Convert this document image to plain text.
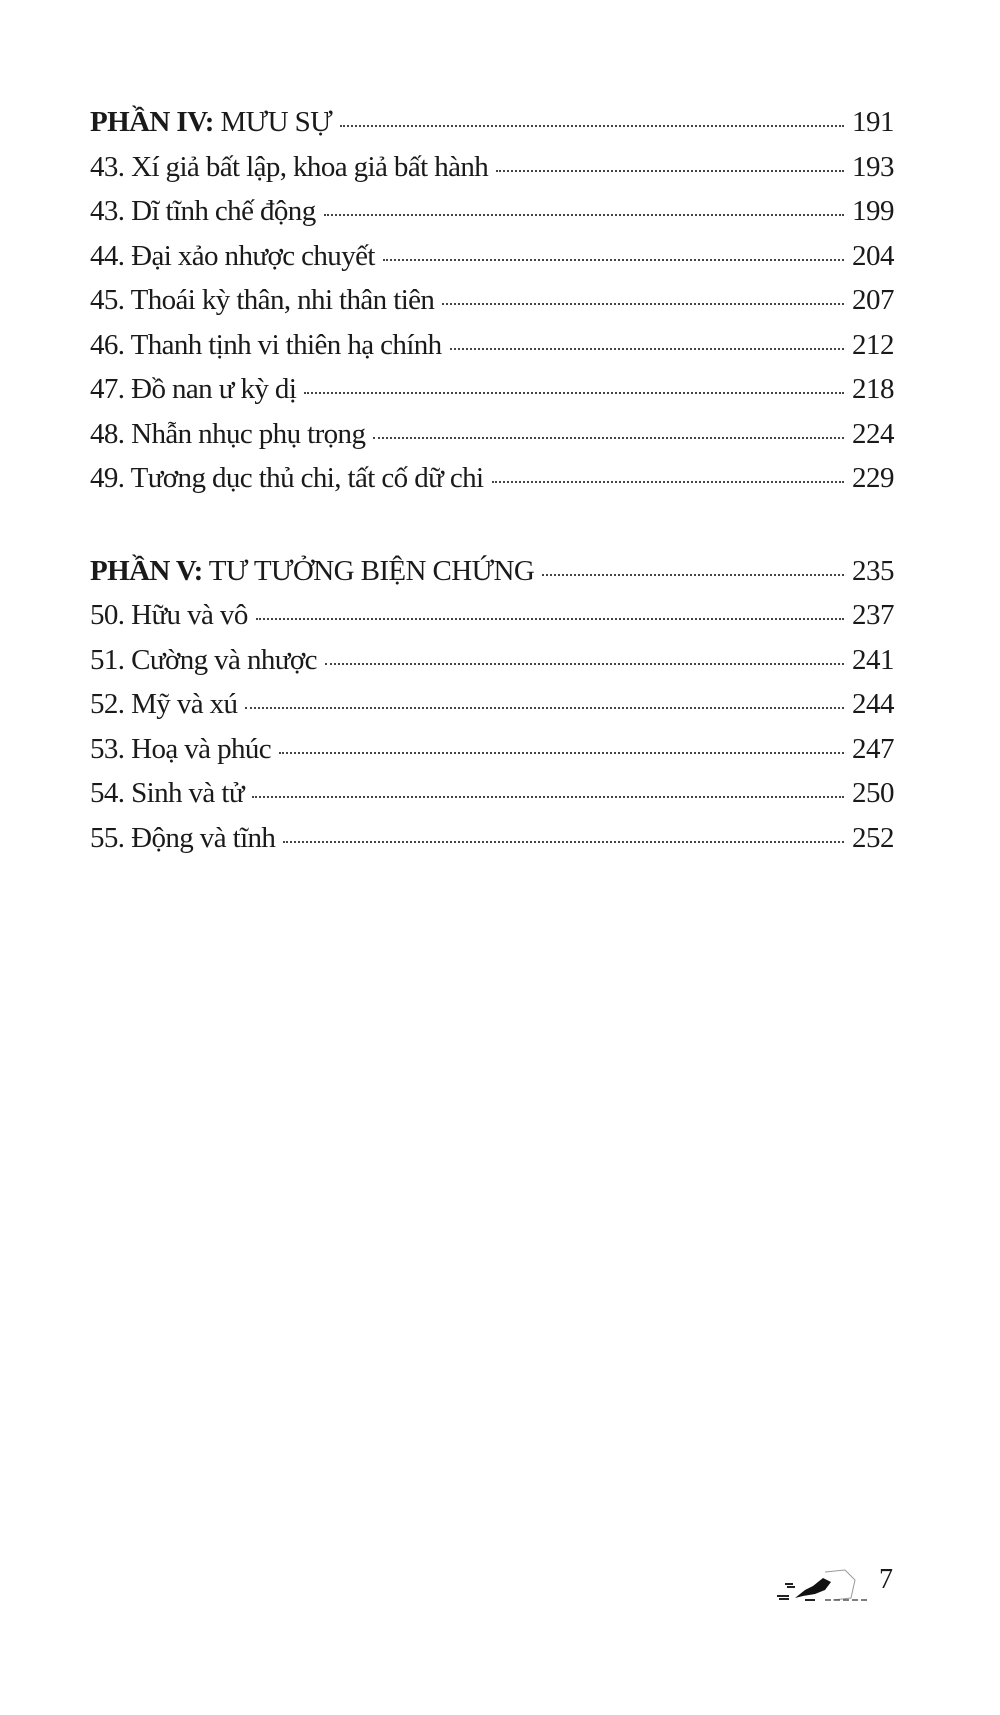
PHẦN IV: MƯU SỰ	191
43. Xí giả bất lập, khoa giả bất hành	193
43. Dĩ tĩnh chế động	199
44. Đại xảo nhược chuyết	204
45. Thoái kỳ thân, nhi thân tiên	207
46. Thanh tịnh vi thiên hạ chính	212
47. Đồ nan ư kỳ dị	218
48. Nhẫn nhục phụ trọng	224
49. Tương dục thủ chi, tất cố dữ chi	229
PHẦN V: TƯ TƯỞNG BIỆN CHỨNG	235
50. Hữu và vô	237
51. Cường và nhược	241
52. Mỹ và xú	244
53. Hoạ và phúc	247
54. Sinh và tử	250
55. Động và tĩnh	252
7
